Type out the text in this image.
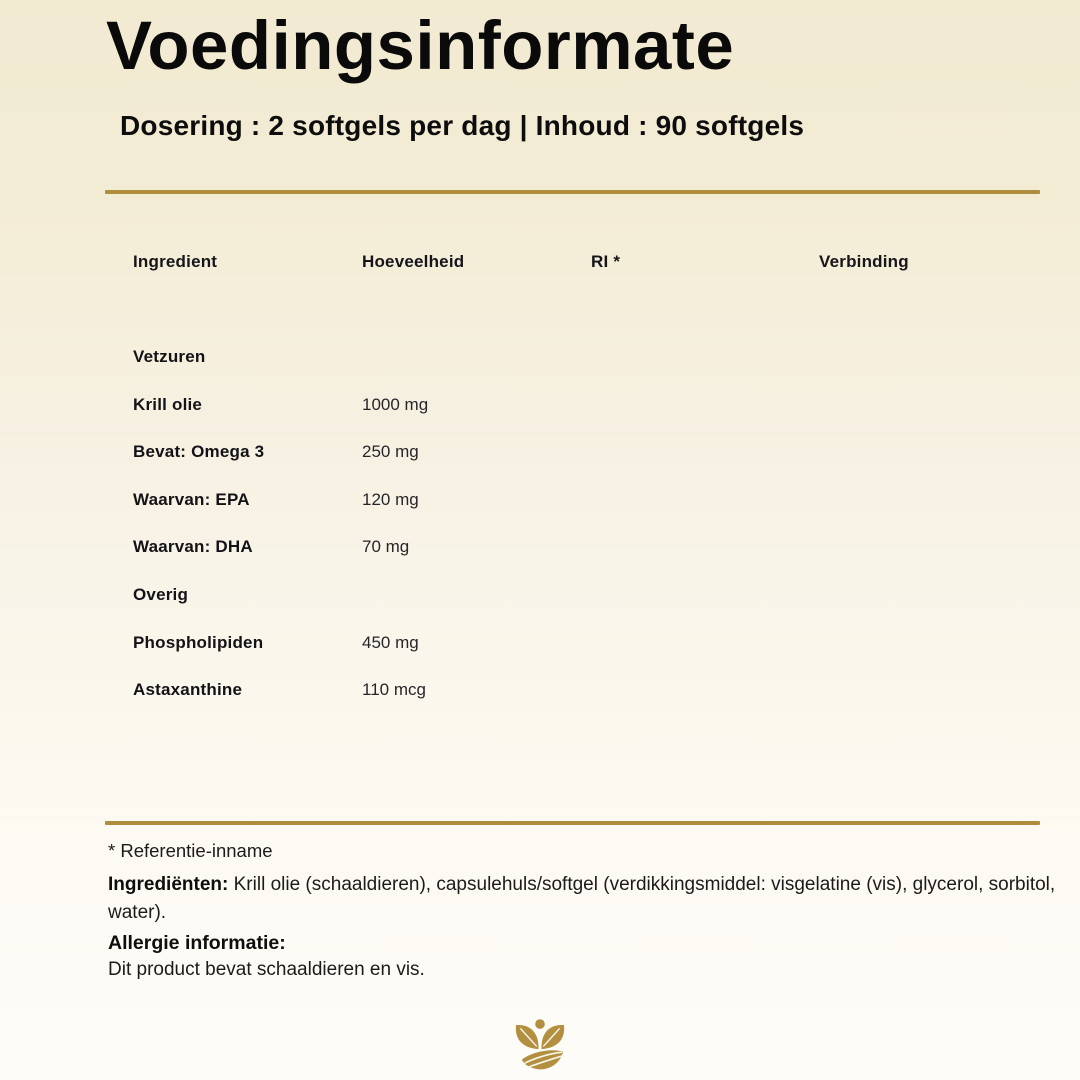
Voedingsinformate
Dosering : 2 softgels per dag | Inhoud : 90 softgels
Ingredient	Hoeveelheid	RI *	Verbinding
Vetzuren
Krill olie	1000 mg
Bevat: Omega 3	250 mg
Waarvan: EPA	120 mg
Waarvan: DHA	70 mg
Overig
Phospholipiden	450 mg
Astaxanthine	110 mcg
* Referentie-inname

Ingrediënten: Krill olie (schaaldieren), capsulehuls/softgel (verdikkingsmiddel: visgelatine (vis), glycerol, sorbitol, water).

Allergie informatie:
Dit product bevat schaaldieren en vis.
